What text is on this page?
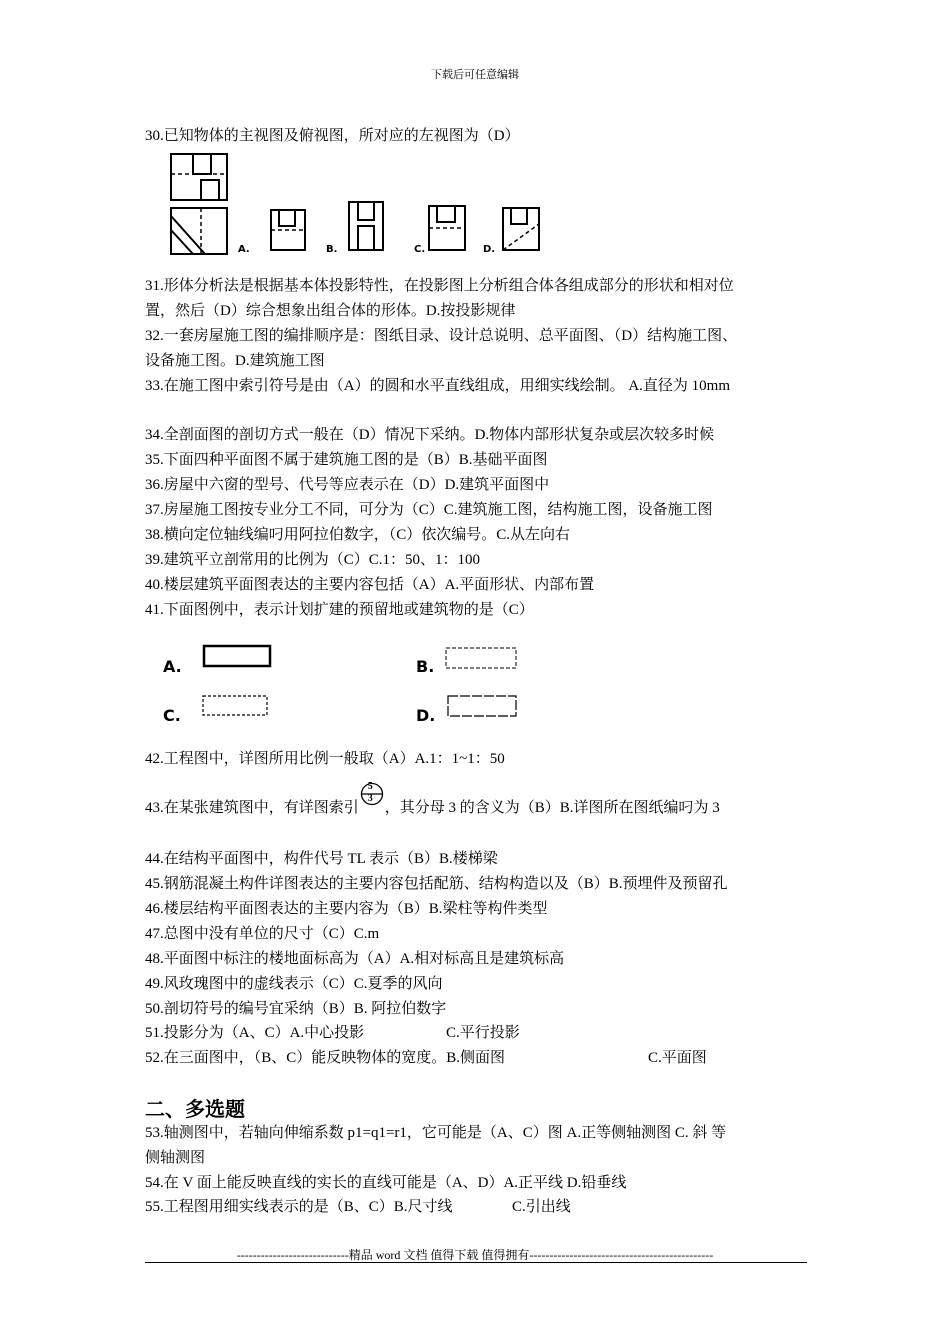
下载后可任意编辑
30.已知物体的主视图及俯视图，所对应的左视图为（D）
A.	B.	C.	D.
31.形体分析法是根据基本体投影特性，在投影图上分析组合体各组成部分的形状和相对位
置，然后（D）综合想象出组合体的形体。D.按投影规律
32.一套房屋施工图的编排顺序是：图纸目录、设计总说明、总平面图、（D）结构施工图、
设备施工图。D.建筑施工图
33.在施工图中索引符号是由（A）的圆和水平直线组成，用细实线绘制。 A.直径为 10mm
34.全剖面图的剖切方式一般在（D）情况下采纳。D.物体内部形状复杂或层次较多时候
35.下面四种平面图不属于建筑施工图的是（B）B.基础平面图
36.房屋中六窗的型号、代号等应表示在（D）D.建筑平面图中
37.房屋施工图按专业分工不同，可分为（C）C.建筑施工图，结构施工图，设备施工图
38.横向定位轴线编叼用阿拉伯数字，（C）依次编号。C.从左向右
39.建筑平立剖常用的比例为（C）C.1：50、1：100
40.楼层建筑平面图表达的主要内容包括（A）A.平面形状、内部布置
41.下面图例中，表示计划扩建的预留地或建筑物的是（C）
A.	B.
C.	D.
42.工程图中，详图所用比例一般取（A）A.1：1~1：50
43.在某张建筑图中，有详图索引
5
3
，其分母 3 的含义为（B）B.详图所在图纸编叼为 3
44.在结构平面图中，构件代号 TL 表示（B）B.楼梯梁
45.钢筋混凝土构件详图表达的主要内容包括配筋、结构构造以及（B）B.预埋件及预留孔
46.楼层结构平面图表达的主要内容为（B）B.梁柱等构件类型
47.总图中没有单位的尺寸（C）C.m
48.平面图中标注的楼地面标高为（A）A.相对标高且是建筑标高
49.风玫瑰图中的虚线表示（C）C.夏季的风向
50.剖切符号的编号宜采纳（B）B. 阿拉伯数字
51.投影分为（A、C）A.中心投影	C.平行投影
52.在三面图中，（B、C）能反映物体的宽度。B.侧面图	C.平面图
二、多选题
53.轴测图中，若轴向伸缩系数 p1=q1=r1，它可能是（A、C）图 A.正等侧轴测图 C. 斜 等
侧轴测图
54.在 V 面上能反映直线的实长的直线可能是（A、D）A.正平线 D.铅垂线
55.工程图用细实线表示的是（B、C）B.尺寸线	C.引出线
----------------------------精品 word 文档 值得下载 值得拥有----------------------------------------------
